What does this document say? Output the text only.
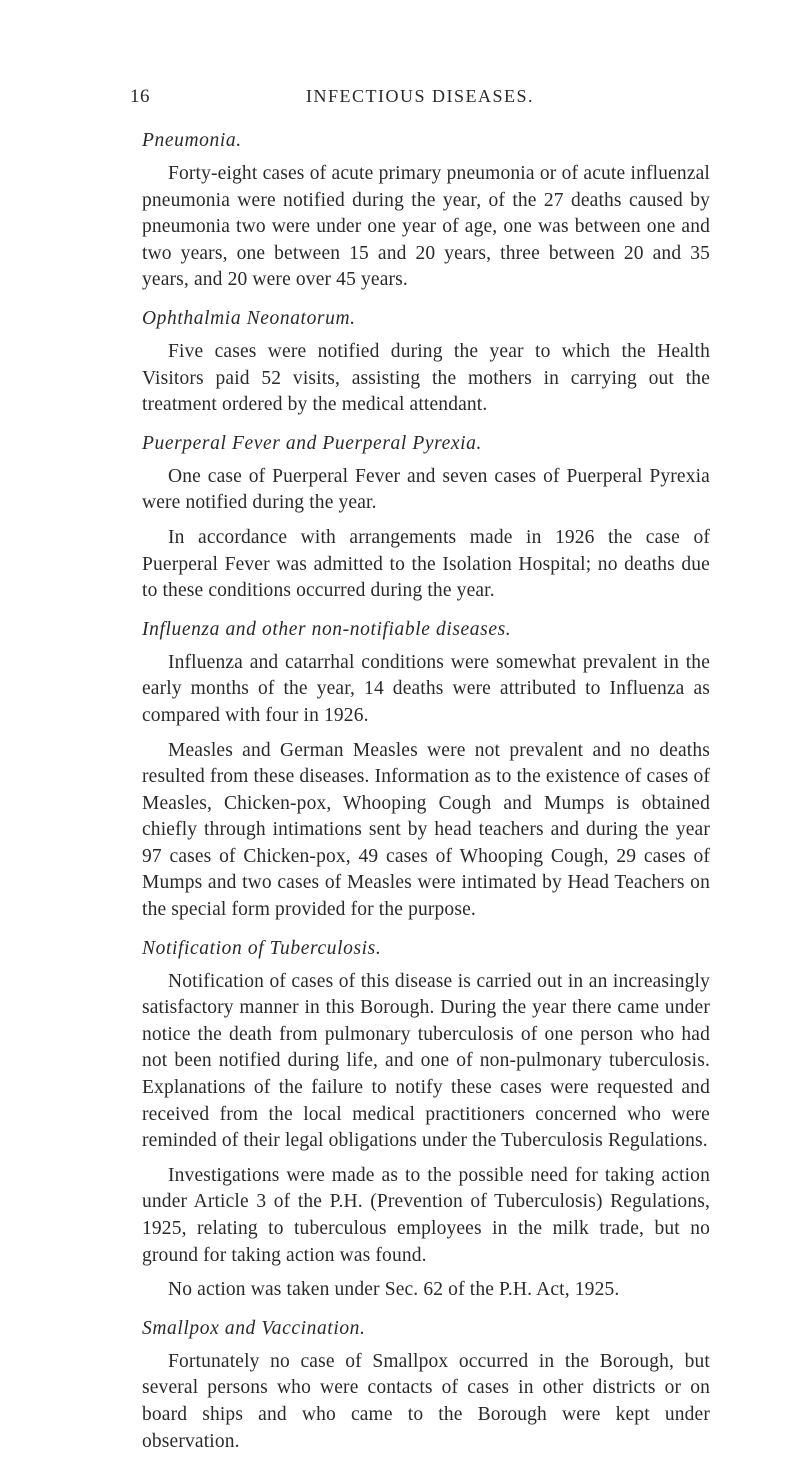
16	INFECTIOUS DISEASES.
Pneumonia.

Forty-eight cases of acute primary pneumonia or of acute influenzal pneumonia were notified during the year, of the 27 deaths caused by pneumonia two were under one year of age, one was between one and two years, one between 15 and 20 years, three between 20 and 35 years, and 20 were over 45 years.

Ophthalmia Neonatorum.

Five cases were notified during the year to which the Health Visitors paid 52 visits, assisting the mothers in carrying out the treatment ordered by the medical attendant.

Puerperal Fever and Puerperal Pyrexia.

One case of Puerperal Fever and seven cases of Puerperal Pyrexia were notified during the year.

In accordance with arrangements made in 1926 the case of Puerperal Fever was admitted to the Isolation Hospital; no deaths due to these conditions occurred during the year.

Influenza and other non-notifiable diseases.

Influenza and catarrhal conditions were somewhat prevalent in the early months of the year, 14 deaths were attributed to Influenza as compared with four in 1926.

Measles and German Measles were not prevalent and no deaths resulted from these diseases. Information as to the existence of cases of Measles, Chicken-pox, Whooping Cough and Mumps is obtained chiefly through intimations sent by head teachers and during the year 97 cases of Chicken-pox, 49 cases of Whooping Cough, 29 cases of Mumps and two cases of Measles were intimated by Head Teachers on the special form provided for the purpose.

Notification of Tuberculosis.

Notification of cases of this disease is carried out in an increasingly satisfactory manner in this Borough. During the year there came under notice the death from pulmonary tuberculosis of one person who had not been notified during life, and one of non-pulmonary tuberculosis. Explanations of the failure to notify these cases were requested and received from the local medical practitioners concerned who were reminded of their legal obligations under the Tuberculosis Regulations.

Investigations were made as to the possible need for taking action under Article 3 of the P.H. (Prevention of Tuberculosis) Regulations, 1925, relating to tuberculous employees in the milk trade, but no ground for taking action was found.

No action was taken under Sec. 62 of the P.H. Act, 1925.

Smallpox and Vaccination.

Fortunately no case of Smallpox occurred in the Borough, but several persons who were contacts of cases in other districts or on board ships and who came to the Borough were kept under observation.
